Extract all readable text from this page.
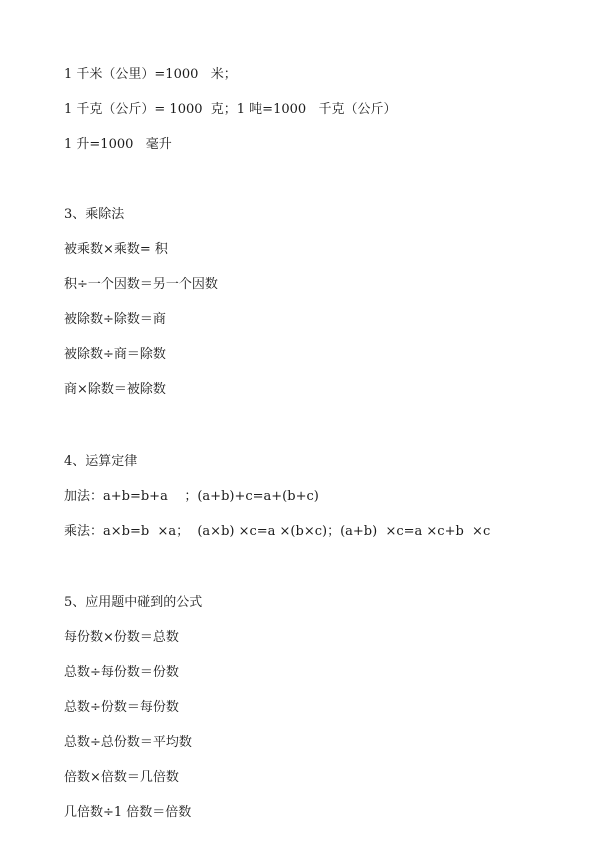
1 千米（公里）=1000   米；
1 千克（公斤）= 1000  克；1 吨=1000   千克（公斤）
1 升=1000   毫升
3、乘除法
被乘数×乘数= 积
积÷一个因数＝另一个因数
被除数÷除数＝商
被除数÷商＝除数
商×除数＝被除数
4、运算定律
加法：a+b=b+a    ；(a+b)+c=a+(b+c)
乘法：a×b=b  ×a；  (a×b) ×c=a ×(b×c)；(a+b)  ×c=a ×c+b  ×c
5、应用题中碰到的公式
每份数×份数＝总数
总数÷每份数＝份数
总数÷份数＝每份数
总数÷总份数＝平均数
倍数×倍数＝几倍数
几倍数÷1 倍数＝倍数
